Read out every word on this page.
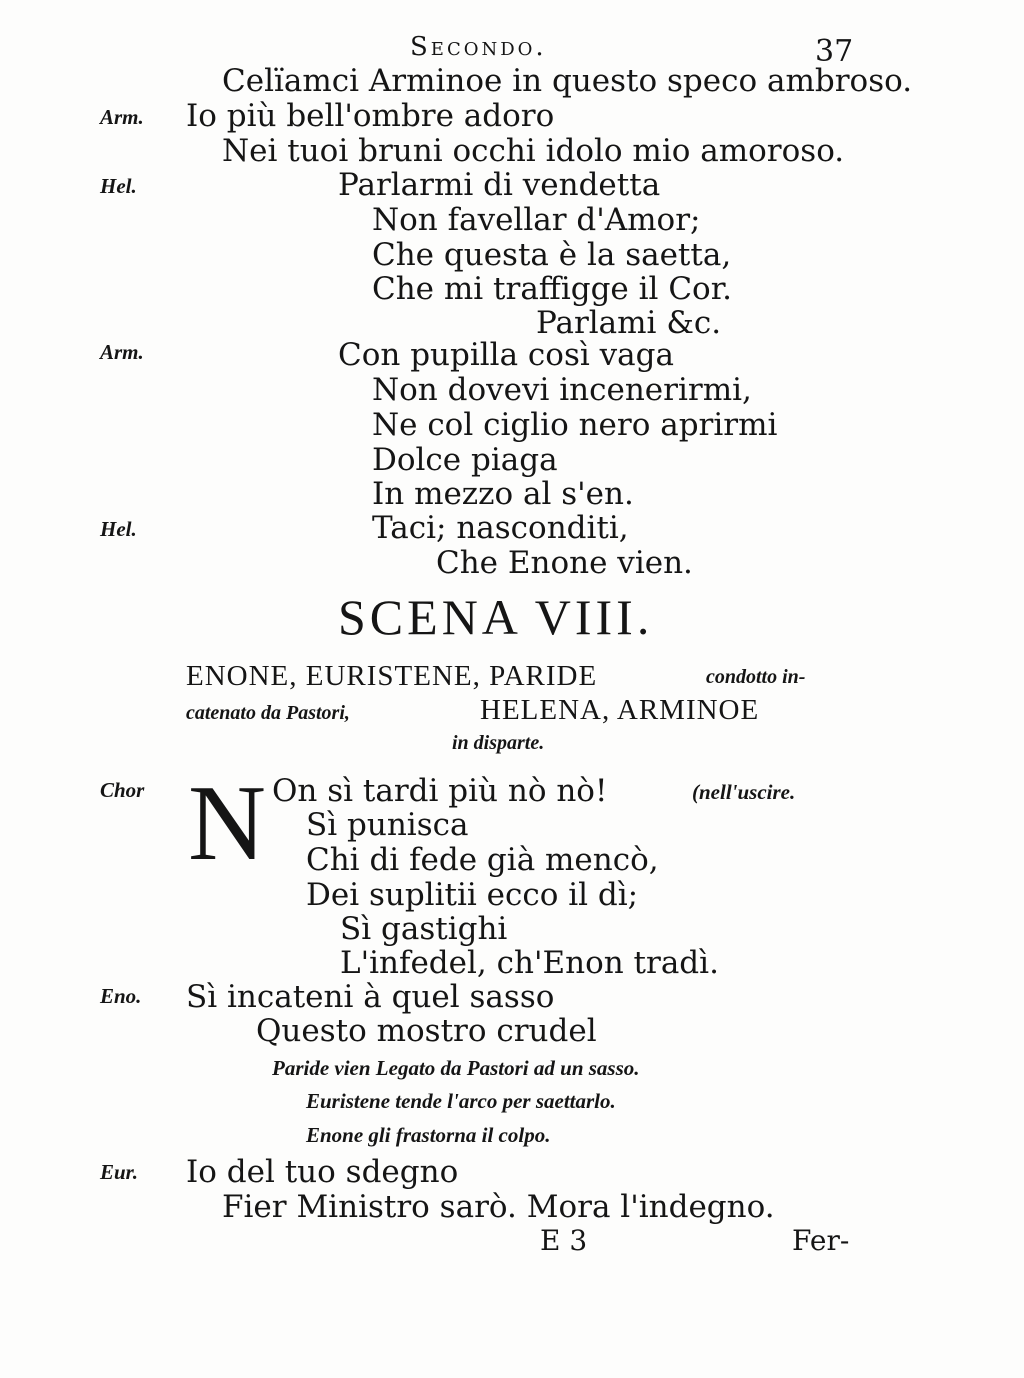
Secondo.	37
Celïamci Arminoe in questo speco ambroso.
Arm. Io più bell'ombre adoro
Nei tuoi bruni occhi idolo mio amoroso.
Hel.	Parlarmi di vendetta
Non favellar d'Amor;
Che questa è la saetta,
Che mi traffigge il Cor.
Parlami &c.
Arm.	Con pupilla così vaga
Non dovevi incenerirmi,
Ne col ciglio nero aprirmi
Dolce piaga
In mezzo al s'en.
Hel.	Taci; nasconditi,
Che Enone vien.
SCENA VIII.
ENONE, EURISTENE, PARIDE	condotto in-
catenato da Pastori,	HELENA, ARMINOE
in disparte.
Chor N On sì tardi più nò nò!	(nell'uscire.
Sì punisca
Chi di fede già mencò,
Dei suplitii ecco il dì;
Sì gastighi
L'infedel, ch'Enon tradì.
Eno. Sì incateni à quel sasso
Questo mostro crudel
Paride vien Legato da Pastori ad un sasso.
Euristene tende l'arco per saettarlo.
Enone gli frastorna il colpo.
Eur. Io del tuo sdegno
Fier Ministro sarò. Mora l'indegno.
E 3	Fer-
